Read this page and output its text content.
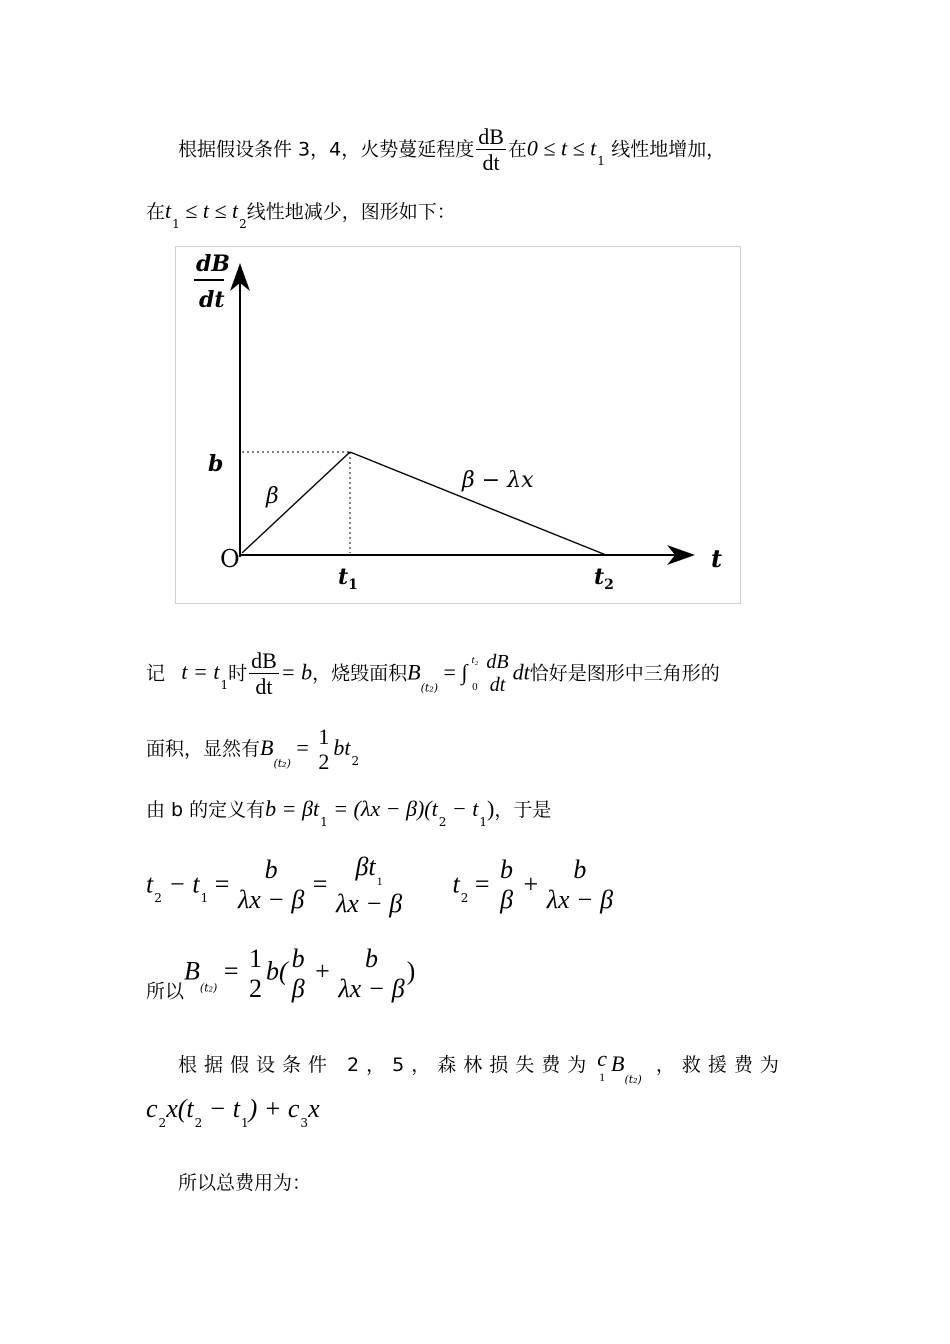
根据假设条件 3，4，火势蔓延程度 $\frac{dB}{dt}$ 在$0 \le t \le t_1$ 线性地增加，
在$t_1 \le t \le t_2$线性地减少，图形如下：
dB
dt
b
β
β − λx
O
$t_1$	$t_2$
t
记 $t = t_1$时 $\frac{dB}{dt} = b$，烧毁面积$B_{(t_2)}$ = ∫ t₂
0
dB
dt
dt恰好是图形中三角形的
面积，显然有$B_{(t_2)} = 1$
2
$bt_2$
由 b 的定义有$b = \beta t_1 = (\lambda x - \beta)(t_2 - t_1)$，于是
$t_2 - t_1$ =	b
λx − β
=
$\beta t_1$
λx − β
$t_2 = b$
β
+	b
λx − β
所以$B_{(t_2)} = 1$
2
b( b
β
+	b
λx − β
)
根据假设条件 2，5，森林损失费为 c
1
$B_{(t_2)}$，救援费为
$c_2x(t_2 - t_1) + c_3x$
所以总费用为：
